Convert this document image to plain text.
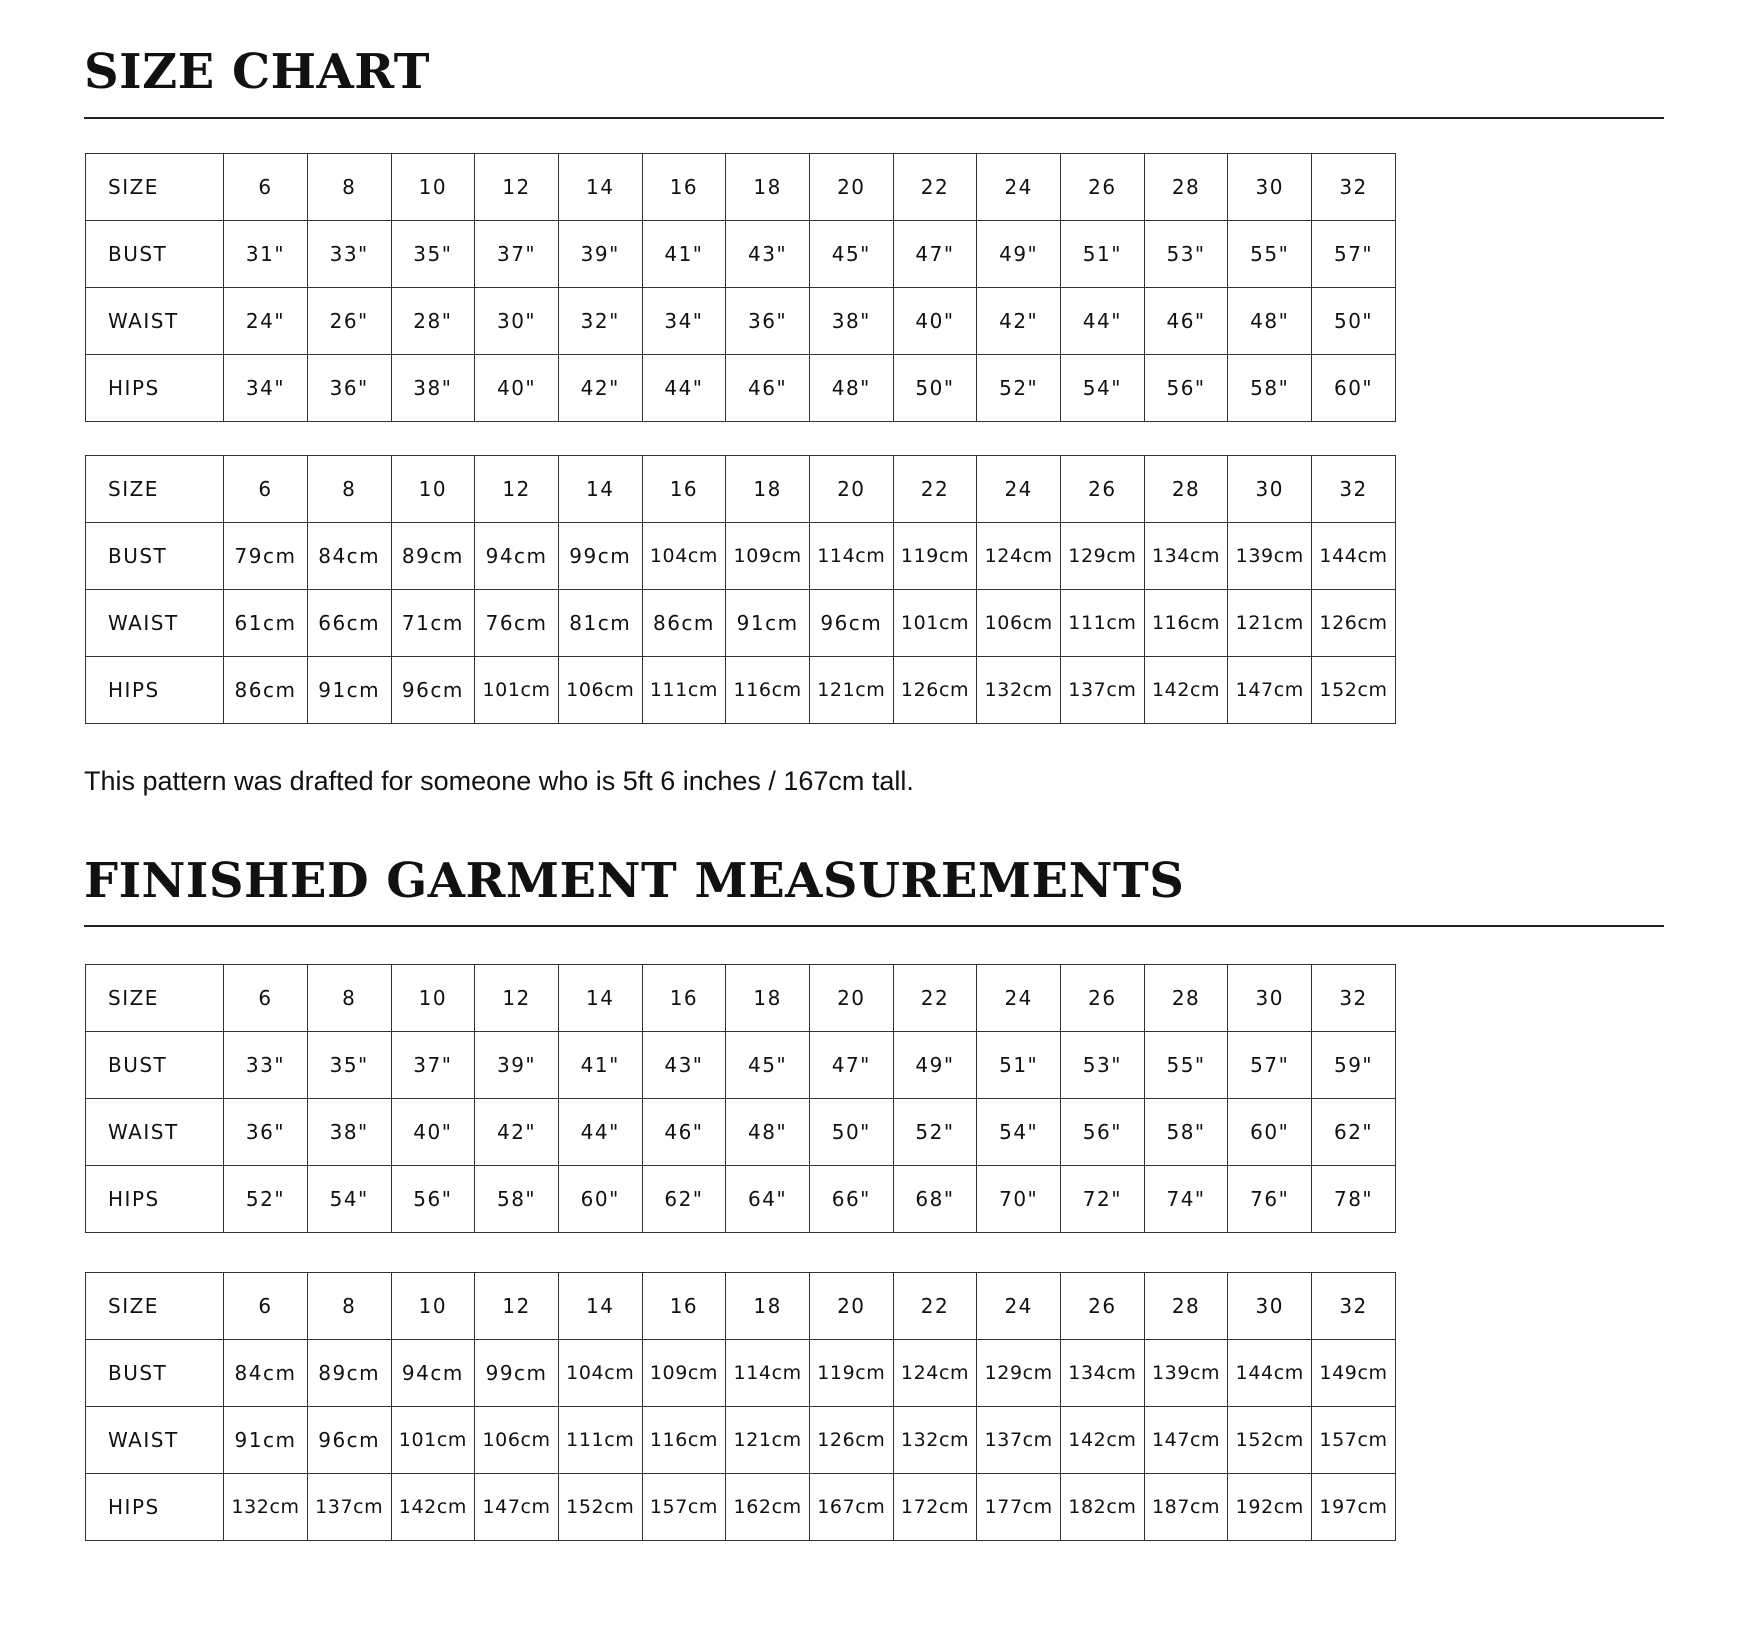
SIZE CHART
SIZE	6	8	10	12	14	16	18	20	22	24	26	28	30	32
BUST	31"	33"	35"	37"	39"	41"	43"	45"	47"	49"	51"	53"	55"	57"
WAIST	24"	26"	28"	30"	32"	34"	36"	38"	40"	42"	44"	46"	48"	50"
HIPS	34"	36"	38"	40"	42"	44"	46"	48"	50"	52"	54"	56"	58"	60"
SIZE	6	8	10	12	14	16	18	20	22	24	26	28	30	32
BUST	79cm	84cm	89cm	94cm	99cm	104cm	109cm	114cm	119cm	124cm	129cm	134cm	139cm	144cm
WAIST	61cm	66cm	71cm	76cm	81cm	86cm	91cm	96cm	101cm	106cm	111cm	116cm	121cm	126cm
HIPS	86cm	91cm	96cm	101cm	106cm	111cm	116cm	121cm	126cm	132cm	137cm	142cm	147cm	152cm

This pattern was drafted for someone who is 5ft 6 inches / 167cm tall.

FINISHED GARMENT MEASUREMENTS
SIZE	6	8	10	12	14	16	18	20	22	24	26	28	30	32
BUST	33"	35"	37"	39"	41"	43"	45"	47"	49"	51"	53"	55"	57"	59"
WAIST	36"	38"	40"	42"	44"	46"	48"	50"	52"	54"	56"	58"	60"	62"
HIPS	52"	54"	56"	58"	60"	62"	64"	66"	68"	70"	72"	74"	76"	78"
SIZE	6	8	10	12	14	16	18	20	22	24	26	28	30	32
BUST	84cm	89cm	94cm	99cm	104cm	109cm	114cm	119cm	124cm	129cm	134cm	139cm	144cm	149cm
WAIST	91cm	96cm	101cm	106cm	111cm	116cm	121cm	126cm	132cm	137cm	142cm	147cm	152cm	157cm
HIPS	132cm	137cm	142cm	147cm	152cm	157cm	162cm	167cm	172cm	177cm	182cm	187cm	192cm	197cm
